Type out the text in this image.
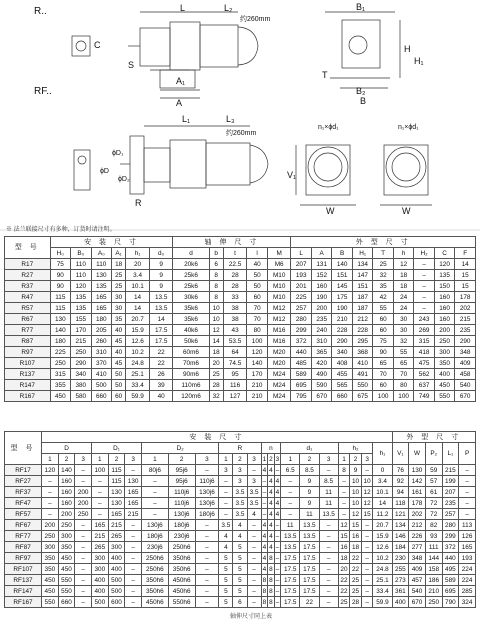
R..
RF..
L	L₂
约260mm
B₁
B₂
B
A
A₁
S
H
H₁
T
C
L₁	L₃
约260mm
n₁×ϕd₁	n₁×ϕd₁
W	W
V₁
R
ϕD
ϕD₁
ϕD₂
※ 法兰联接尺寸有多种，订货时请注明。
型 号	安 装 尺 寸						轴 伸 尺 寸					外 型 尺 寸								
	H₀	B₀	A₀	A₁	h₁	d₀	d	b	t	l	M	L	A	B	H₁	T	h	H₂	C	F
R17	75	110	110	18	20	9	20k6	6	22.5	40	M6	207	131	140	134	25	12	–	120	14
R27	90	110	130	25	3.4	9	25k6	8	28	50	M10	193	152	151	147	32	18	–	135	15
R37	90	120	135	25	10.1	9	25k6	8	28	50	M10	201	160	145	151	35	18	–	150	15
R47	115	135	165	30	14	13.5	30k6	8	33	60	M10	225	190	175	187	42	24	–	160	178
R57	115	135	165	30	14	13.5	35k6	10	38	70	M12	257	200	190	187	55	24	–	160	202
R67	130	155	180	35	20.7	14	35k6	10	38	70	M12	280	235	210	212	60	30	243	160	215
R77	140	170	205	40	15.9	17.5	40k6	12	43	80	M16	299	240	228	228	60	30	269	200	235
R87	180	215	260	45	12.6	17.5	50k6	14	53.5	100	M16	372	310	290	295	75	32	315	250	290
R97	225	250	310	40	10.2	22	60m6	18	64	120	M20	440	365	340	368	90	55	418	300	348
R107	250	290	370	45	24.8	22	70m6	20	74.5	140	M20	485	420	408	410	65	65	475	350	409
R137	315	340	410	50	25.1	26	90m6	25	95	170	M24	589	490	455	491	70	70	562	400	458
R147	355	380	500	50	33.4	39	110m6	28	116	210	M24	695	590	565	550	60	80	637	450	540
R167	450	580	660	60	59.9	40	120m6	32	127	210	M24	795	670	660	675	100	100	749	550	670
型 号	安 装 尺 寸																						外 型 尺 寸				
	D			D₁			D₂			R			n			d₁			h₂			h₁	V₁	W	P₂	L₁	P
	1	2	3	1	2	3	1	2	3	1	2	3	1	2	3	1	2	3	1	2	3						
RF17	120	140	–	100	115	–	80j6	95j6	–	3	3	–	4	4	–	6.5	8.5	–	8	9	–	0	76	130	59	215	–
RF27	–	160	–	–	115	130	–	95j6	110j6	–	3	3	–	4	4	–	9	8.5	–	10	10	3.4	92	142	57	199	–
RF37	–	160	200	–	130	165	–	110j6	130j6	–	3.5	3.5	–	4	4	–	9	11	–	10	12	10.1	94	161	61	207	–
RF47	–	160	200	–	130	165	–	110j6	130j6	–	3.5	3.5	–	4	4	–	9	11	–	10	12	14	118	178	72	235	–
RF57	–	200	250	–	165	215	–	130j6	180j6	–	3.5	4	–	4	4	–	11	13.5	–	12	15	11.2	121	202	72	257	–
RF67	200	250	–	165	215	–	130j6	180j6	–	3.5	4	–	4	4	–	11	13.5	–	12	15	–	20.7	134	212	82	280	113
RF77	250	300	–	215	265	–	180j6	230j6	–	4	4	–	4	4	–	13.5	13.5	–	15	16	–	15.9	146	226	93	299	126
RF87	300	350	–	265	300	–	230j6	250h6	–	4	5	–	4	4	–	13.5	17.5	–	16	18	–	12.6	184	277	111	372	165
RF97	350	450	–	300	400	–	250h6	350h6	–	5	5	–	4	8	–	17.5	17.5	–	18	22	–	10.2	230	348	144	440	193
RF107	350	450	–	300	400	–	250h6	350h6	–	5	5	–	4	8	–	17.5	17.5	–	20	22	–	24.8	255	409	158	495	224
RF137	450	550	–	400	500	–	350h6	450h6	–	5	5	–	8	8	–	17.5	17.5	–	22	25	–	25.1	273	457	186	589	224
RF147	450	550	–	400	500	–	350h6	450h6	–	5	5	–	8	8	–	17.5	17.5	–	22	25	–	33.4	361	540	210	695	285
RF167	550	660	–	500	600	–	450h6	550h6	–	5	6	–	8	8	–	17.5	22	–	25	28	–	59.9	400	670	250	790	324
轴伸尺寸同上表
